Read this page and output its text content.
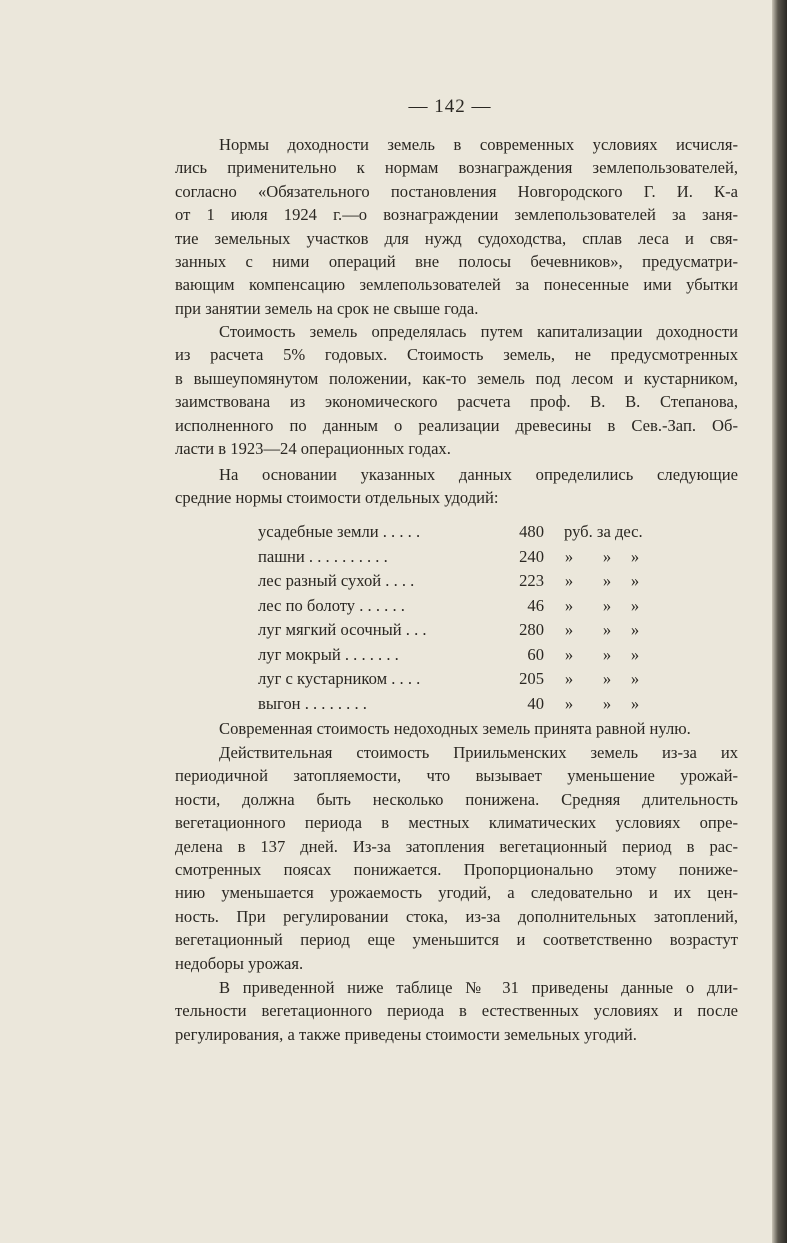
— 142 —
Нормы доходности земель в современных условиях исчисля-
лись применительно к нормам вознаграждения землепользователей,
согласно «Обязательного постановления Новгородского Г. И. К-а
от 1 июля 1924 г.—о вознаграждении землепользователей за заня-
тие земельных участков для нужд судоходства, сплав леса и свя-
занных с ними операций вне полосы бечевников», предусматри-
вающим компенсацию землепользователей за понесенные ими убытки
при занятии земель на срок не свыше года.
Стоимость земель определялась путем капитализации доходности
из расчета 5% годовых. Стоимость земель, не предусмотренных
в вышеупомянутом положении, как-то земель под лесом и кустарником,
заимствована из экономического расчета проф. В. В. Степанова,
исполненного по данным о реализации древесины в Сев.-Зап. Об-
ласти в 1923—24 операционных годах.
На основании указанных данных определились следующие
средние нормы стоимости отдельных удодий:
усадебные земли . . . . .	480 руб. за дес.
пашни . . . . . . . . . .	240 » » »
лес разный сухой . . . .	223 » » »
лес по болоту . . . . . .	46 » » »
луг мягкий осочный . . .	280 » » »
луг мокрый . . . . . . .	60 » » »
луг с кустарником . . . .	205 » » »
выгон . . . . . . . .	40 » » »
Современная стоимость недоходных земель принята равной нулю.
Действительная стоимость Приильменских земель из-за их
периодичной затопляемости, что вызывает уменьшение урожай-
ности, должна быть несколько понижена. Средняя длительность
вегетационного периода в местных климатических условиях опре-
делена в 137 дней. Из-за затопления вегетационный период в рас-
смотренных поясах понижается. Пропорционально этому пониже-
нию уменьшается урожаемость угодий, а следовательно и их цен-
ность. При регулировании стока, из-за дополнительных затоплений,
вегетационный период еще уменьшится и соответственно возрастут
недоборы урожая.
В приведенной ниже таблице № 31 приведены данные о дли-
тельности вегетационного периода в естественных условиях и после
регулирования, а также приведены стоимости земельных угодий.
